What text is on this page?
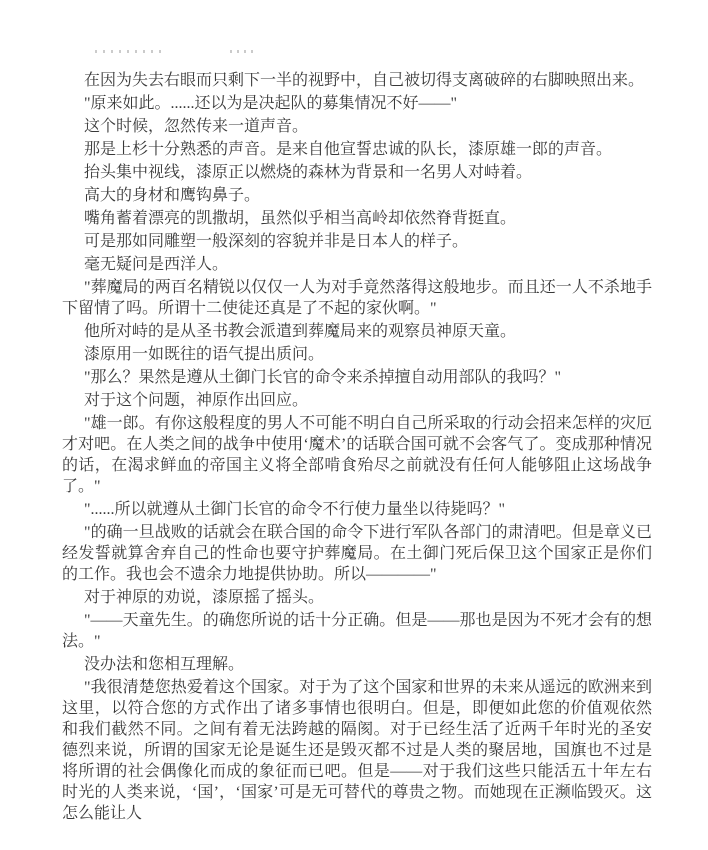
在因为失去右眼而只剩下一半的视野中，自己被切得支离破碎的右脚映照出来。

"原来如此。......还以为是决起队的募集情况不好——"

这个时候，忽然传来一道声音。

那是上杉十分熟悉的声音。是来自他宣誓忠诚的队长，漆原雄一郎的声音。

抬头集中视线，漆原正以燃烧的森林为背景和一名男人对峙着。

高大的身材和鹰钩鼻子。

嘴角蓄着漂亮的凯撒胡，虽然似乎相当高岭却依然脊背挺直。

可是那如同雕塑一般深刻的容貌并非是日本人的样子。

毫无疑问是西洋人。

"葬魔局的两百名精锐以仅仅一人为对手竟然落得这般地步。而且还一人不杀地手下留情了吗。所谓十二使徒还真是了不起的家伙啊。"

他所对峙的是从圣书教会派遣到葬魔局来的观察员神原天童。

漆原用一如既往的语气提出质问。

"那么？果然是遵从土御门长官的命令来杀掉擅自动用部队的我吗？"

对于这个问题，神原作出回应。

"雄一郎。有你这般程度的男人不可能不明白自己所采取的行动会招来怎样的灾厄才对吧。在人类之间的战争中使用‘魔术’的话联合国可就不会客气了。变成那种情况的话，在渴求鲜血的帝国主义将全部啃食殆尽之前就没有任何人能够阻止这场战争了。"

"......所以就遵从土御门长官的命令不行使力量坐以待毙吗？"

"的确一旦战败的话就会在联合国的命令下进行军队各部门的肃清吧。但是章义已经发誓就算舍弃自己的性命也要守护葬魔局。在土御门死后保卫这个国家正是你们的工作。我也会不遗余力地提供协助。所以————"

对于神原的劝说，漆原摇了摇头。

"——天童先生。的确您所说的话十分正确。但是——那也是因为不死才会有的想法。"

没办法和您相互理解。

"我很清楚您热爱着这个国家。对于为了这个国家和世界的未来从遥远的欧洲来到这里，以符合您的方式作出了诸多事情也很明白。但是，即便如此您的价值观依然和我们截然不同。之间有着无法跨越的隔阂。对于已经生活了近两千年时光的圣安德烈来说，所谓的国家无论是诞生还是毁灭都不过是人类的聚居地，国旗也不过是将所谓的社会偶像化而成的象征而已吧。但是——对于我们这些只能活五十年左右时光的人类来说，‘国’，‘国家’可是无可替代的尊贵之物。而她现在正濒临毁灭。这怎么能让人
